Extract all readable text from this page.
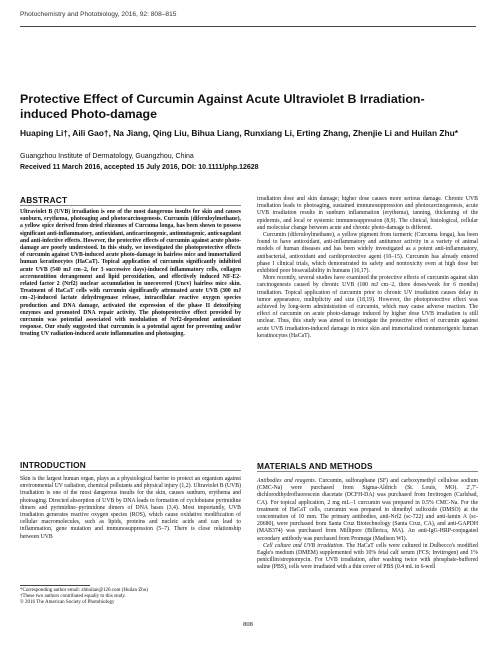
Photochemistry and Photobiology, 2016, 92: 808–815
Protective Effect of Curcumin Against Acute Ultraviolet B Irradiation-induced Photo-damage
Huaping Li†, Aili Gao†, Na Jiang, Qing Liu, Bihua Liang, Runxiang Li, Erting Zhang, Zhenjie Li and Huilan Zhu*
Guangzhou Institute of Dermatology, Guangzhou, China
Received 11 March 2016, accepted 15 July 2016, DOI: 10.1111/php.12628
ABSTRACT

Ultraviolet B (UVB) irradiation is one of the most dangerous insults for skin and causes sunburn, erythema, photoaging and photocarcinogenesis. Curcumin (diferuloylmethane), a yellow spice derived from dried rhizomes of Curcuma longa, has been shown to possess significant anti-inflammatory, antioxidant, anticarcinogenic, antimutagenic, anticoagulant and anti-infective effects. However, the protective effects of curcumin against acute photo-damage are poorly understood. In this study, we investigated the photoprotective effects of curcumin against UVB-induced acute photo-damage in hairless mice and immortalized human keratinocytes (HaCaT). Topical application of curcumin significantly inhibited acute UVB (540 mJ cm−2, for 3 successive days)-induced inflammatory cells, collagen accrementition derangement and lipid peroxidation, and effectively induced NF-E2-related factor 2 (Nrf2) nuclear accumulation in unecovered (Uncv) hairless mice skin. Treatment of HaCaT cells with curcumin significantly attenuated acute UVB (300 mJ cm−2)-induced lactate dehydrogenase release, intracellular reactive oxygen species production and DNA damage, activated the expression of the phase II detoxifying enzymes and promoted DNA repair activity. The photoprotective effect provided by curcumin was potential associated with modulation of Nrf2-dependent antioxidant response. Our study suggested that curcumin is a potential agent for preventing and/or treating UV radiation-induced acute inflammation and photoaging.

INTRODUCTION

Skin is the largest human organ, plays as a physiological barrier to protect an organism against environmental UV radiation, chemical pollutants and physical injury (1,2). Ultraviolet B (UVB) irradiation is one of the most dangerous insults for the skin, causes sunburn, erythema and photoaging. Directed absorption of UVB by DNA leads to formation of cyclobutane pyrimidine dimers and pyrimidine–pyrimidone dimers of DNA bases (3,4). Most importantly, UVB irradiation generates reactive oxygen species (ROS), which cause oxidative modification of cellular macromolecules, such as lipids, proteins and nucleic acids and can lead to inflammation, gene mutation and immunosuppression (5–7). There is close relationship between UVB

*Corresponding author email: zhhuilan@126.com (Huilan Zhu)
†These two authors contributed equally to this study.
© 2016 The American Society of Photobiology

irradiation dose and skin damage; higher dose causes more serious damage. Chronic UVB irradiation leads to photoaging, sustained immunosuppression and photocarcinogenesis, acute UVB irradiation results in sunburn inflammation (erythema), tanning, thickening of the epidermis, and local or systemic immunosuppression (8,9). The clinical, histological, cellular and molecular change between acute and chronic photo-damage is different.

Curcumin (diferuloylmethane), a yellow pigment from turmeric (Curcuma longa), has been found to have antioxidant, anti-inflammatory and antitumor activity in a variety of animal models of human diseases and has been widely investigated as a potent anti-inflammatory, antibacterial, antioxidant and cardioprotective agent (10–15). Curcumin has already entered phase I clinical trials, which demonstrated its safety and nontoxicity even at high dose but exhibited poor bioavailability in humans (16,17).

More recently, several studies have examined the protective effects of curcumin against skin carcinogenesis caused by chronic UVB (180 mJ cm−2, three doses/week for 6 months) irradiation. Topical application of curcumin prior to chronic UV irradiation causes delay in tumor appearance, multiplicity and size (18,19). However, the photoprotective effect was achieved by long-term administration of curcumin, which may cause adverse reaction. The effect of curcumin on acute photo-damage induced by higher dose UVB irradiation is still unclear. Thus, this study was aimed to investigate the protective effect of curcumin against acute UVB irradiation-induced damage in mice skin and immortalized nontumorigenic human keratinocytes (HaCaT).

MATERIALS AND METHODS

Antibodies and reagents. Curcumin, sulforaphane (SF) and carboxymethyl cellulose sodium (CMC-Na) were purchased from Sigma-Aldrich (St. Louis, MO). 2′,7′-dichlorodihydrofluorescein diacetate (DCFH-DA) was purchased from Invitrogen (Carlsbad, CA). For topical application, 2 mg mL−1 curcumin was prepared in 0.5% CMC-Na. For the treatment of HaCaT cells, curcumin was prepared in dimethyl sulfoxide (DMSO) at the concentration of 10 mm. The primary antibodies, anti-Nrf2 (sc-722) and anti-lamin A (sc-20680), were purchased from Santa Cruz Biotechnology (Santa Cruz, CA), and anti-GAPDH (MAB374) was purchased from Millipore (Billerica, MA). An anti-IgG-HRP-conjugated secondary antibody was purchased from Promega (Madison WI).

Cell culture and UVB irradiation. The HaCaT cells were cultured in Dulbecco's modified Eagle's medium (DMEM) supplemented with 10% fetal calf serum (FCS; Invitrogen) and 1% penicillin/streptomycin. For UVB irradiation, after washing twice with phosphate-buffered saline (PBS), cells were irradiated with a thin cover of PBS (0.4 mL in 6-well

808
